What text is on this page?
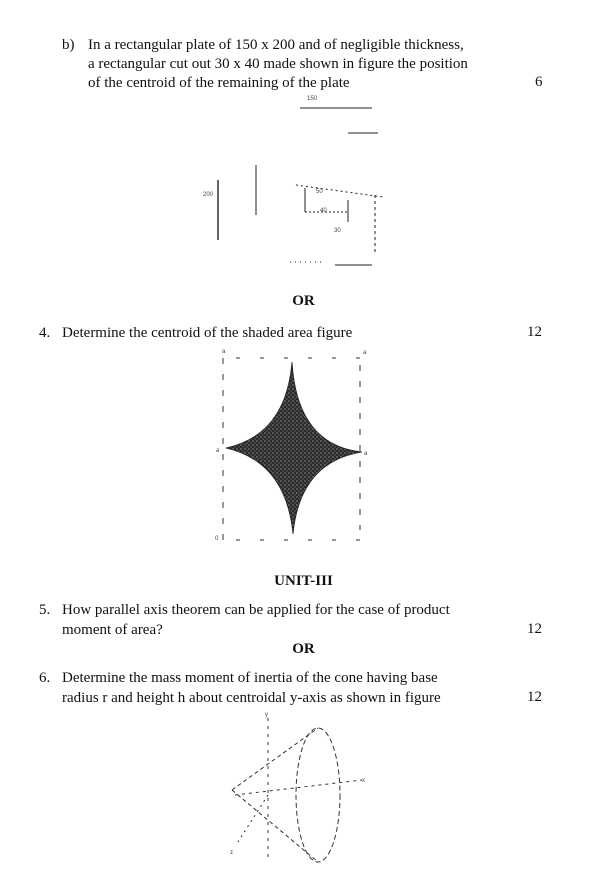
b) In a rectangular plate of 150 x 200 and of negligible thickness,
a rectangular cut out 30 x 40 made shown in figure the position
of the centroid of the remaining of the plate	6
150
200
30
40
50
OR
4. Determine the centroid of the shaded area figure	12
a	a
0
a	a
UNIT-III
5. How parallel axis theorem can be applied for the case of product
moment of area?	12
OR
6. Determine the mass moment of inertia of the cone having base
radius r and height h about centroidal y-axis as shown in figure	12
y
x
z
